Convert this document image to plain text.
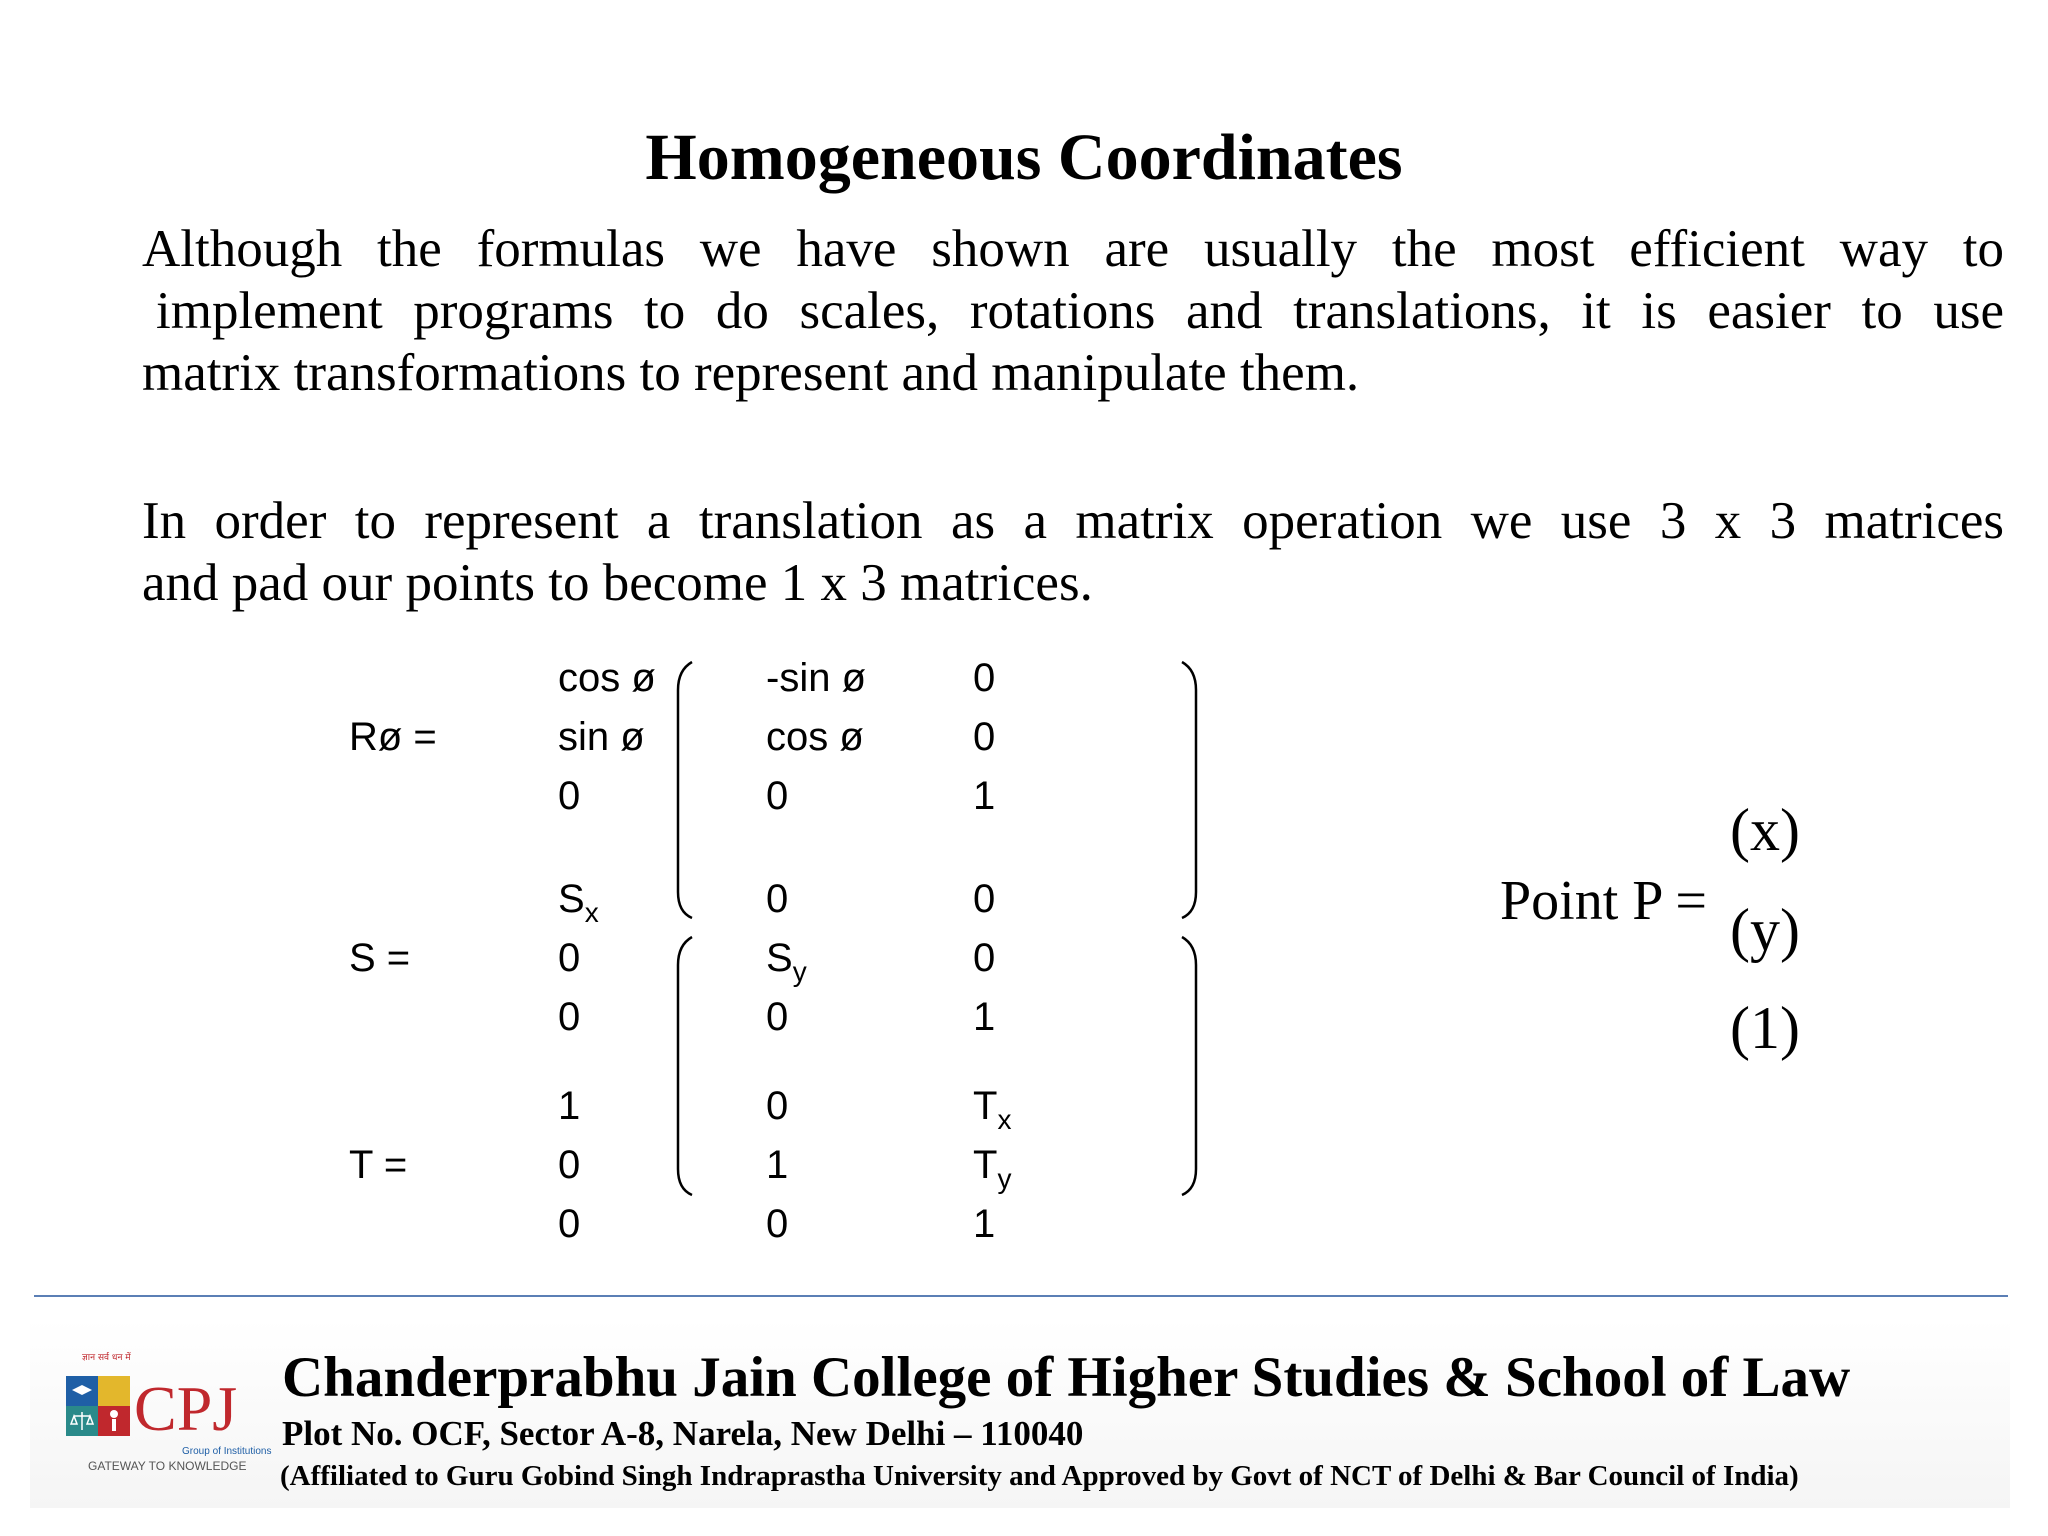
Homogeneous Coordinates
Although the formulas we have shown are usually the most efficient way to
implement programs to do scales, rotations and translations, it is easier to use
matrix transformations to represent and manipulate them.
In order to represent a translation as a matrix operation we use 3 x 3 matrices
and pad our points to become 1 x 3 matrices.
Rø =
S =
T =
cos ø	-sin ø	0
sin ø	cos ø	0
0	0	1
$S_x$	0	0
0	$S_y$	0
0	0	1
1	0	$T_x$
0	1	$T_y$
0	0	1
Point P =
(x)
(y)
(1)
ज्ञान सर्व धन में
CPJ
Group of Institutions
GATEWAY TO KNOWLEDGE
Chanderprabhu Jain College of Higher Studies & School of Law
Plot No. OCF, Sector A-8, Narela, New Delhi – 110040
(Affiliated to Guru Gobind Singh Indraprastha University and Approved by Govt of NCT of Delhi & Bar Council of India)
